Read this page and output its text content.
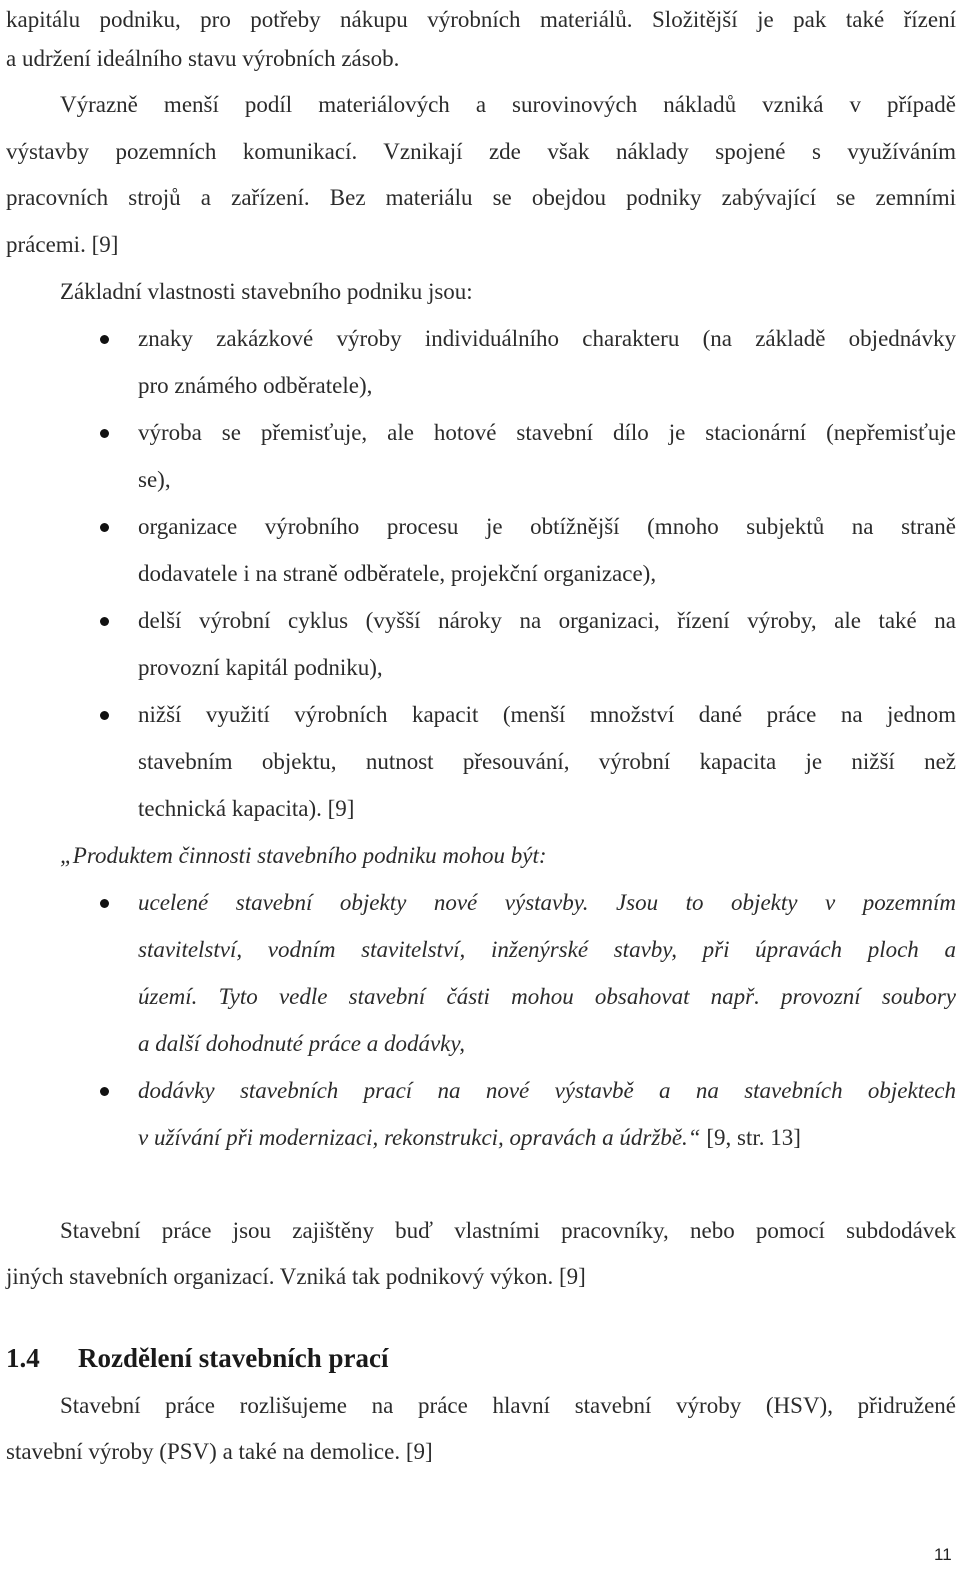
kapitálu podniku, pro potřeby nákupu výrobních materiálů. Složitější je pak také řízení
a udržení ideálního stavu výrobních zásob.
Výrazně menší podíl materiálových a surovinových nákladů vzniká v případě
výstavby pozemních komunikací. Vznikají zde však náklady spojené s využíváním
pracovních strojů a zařízení. Bez materiálu se obejdou podniky zabývající se zemními
prácemi. [9]
Základní vlastnosti stavebního podniku jsou:
znaky zakázkové výroby individuálního charakteru (na základě objednávky
pro známého odběratele),
výroba se přemisťuje, ale hotové stavební dílo je stacionární (nepřemisťuje
se),
organizace výrobního procesu je obtížnější (mnoho subjektů na straně
dodavatele i na straně odběratele, projekční organizace),
delší výrobní cyklus (vyšší nároky na organizaci, řízení výroby, ale také na
provozní kapitál podniku),
nižší využití výrobních kapacit (menší množství dané práce na jednom
stavebním objektu, nutnost přesouvání, výrobní kapacita je nižší než
technická kapacita). [9]
„Produktem činnosti stavebního podniku mohou být:
ucelené stavební objekty nové výstavby. Jsou to objekty v pozemním
stavitelství, vodním stavitelství, inženýrské stavby, při úpravách ploch a
území. Tyto vedle stavební části mohou obsahovat např. provozní soubory
a další dohodnuté práce a dodávky,
dodávky stavebních prací na nové výstavbě a na stavebních objektech
v užívání při modernizaci, rekonstrukci, opravách a údržbě.“ [9, str. 13]
Stavební práce jsou zajištěny buď vlastními pracovníky, nebo pomocí subdodávek
jiných stavebních organizací. Vzniká tak podnikový výkon. [9]
1.4 Rozdělení stavebních prací
Stavební práce rozlišujeme na práce hlavní stavební výroby (HSV), přidružené
stavební výroby (PSV) a také na demolice. [9]
11
